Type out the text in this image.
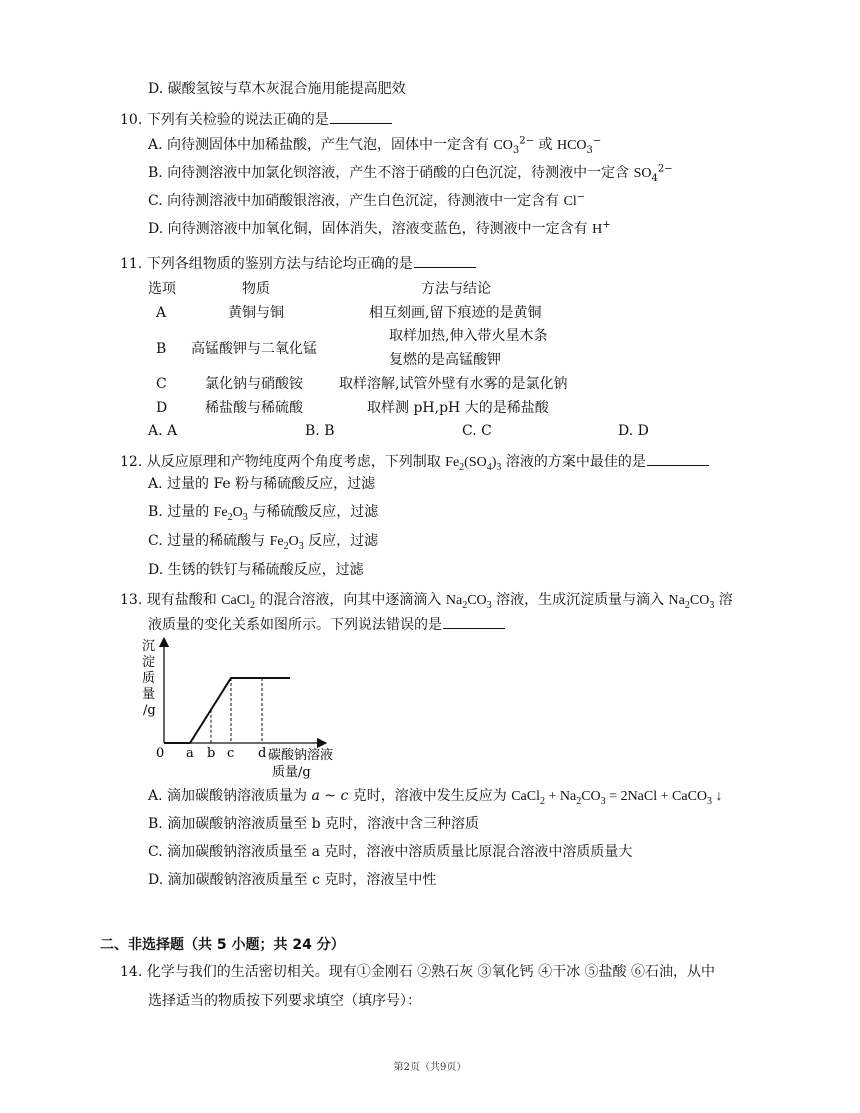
D. 碳酸氢铵与草木灰混合施用能提高肥效
10. 下列有关检验的说法正确的是
A. 向待测固体中加稀盐酸，产生气泡，固体中一定含有 $CO_3^{2-}$ 或 $HCO_3^-$
B. 向待测溶液中加氯化钡溶液，产生不溶于硝酸的白色沉淀，待测液中一定含 $SO_4^{2-}$
C. 向待测溶液中加硝酸银溶液，产生白色沉淀，待测液中一定含有 Cl−
D. 向待测溶液中加氧化铜，固体消失，溶液变蓝色，待测液中一定含有 H+
11. 下列各组物质的鉴别方法与结论均正确的是
选项	物质	方法与结论
A	黄铜与铜	相互刻画,留下痕迹的是黄铜
B 高锰酸钾与二氧化锰
取样加热,伸入带火星木条
复燃的是高锰酸钾
C	氯化钠与硝酸铵	取样溶解,试管外壁有水雾的是氯化钠
D	稀盐酸与稀硫酸	取样测 pH,pH 大的是稀盐酸
A. A	B. B	C. C	D. D
12. 从反应原理和产物纯度两个角度考虑，下列制取 $Fe_2(SO_4)_3$ 溶液的方案中最佳的是
A. 过量的 Fe 粉与稀硫酸反应，过滤
B. 过量的 $Fe_2O_3$ 与稀硫酸反应，过滤
C. 过量的稀硫酸与 $Fe_2O_3$ 反应，过滤
D. 生锈的铁钉与稀硫酸反应，过滤
13. 现有盐酸和 CaCl$_2$ 的混合溶液，向其中逐滴滴入 $Na_2CO_3$ 溶液，生成沉淀质量与滴入 $Na_2CO_3$ 溶
液质量的变化关系如图所示。下列说法错误的是
沉
淀
质
量
/g
a b c d
0	碳酸钠溶液
质量/g
A. 滴加碳酸钠溶液质量为 a ~ c 克时，溶液中发生反应为 CaCl$_2$ + $Na_2CO_3$ = 2NaCl + CaCO$_3$ ↓
B. 滴加碳酸钠溶液质量至 b 克时，溶液中含三种溶质
C. 滴加碳酸钠溶液质量至 a 克时，溶液中溶质质量比原混合溶液中溶质质量大
D. 滴加碳酸钠溶液质量至 c 克时，溶液呈中性
二、非选择题（共 5 小题；共 24 分）
14. 化学与我们的生活密切相关。现有①金刚石 ②熟石灰 ③氧化钙 ④干冰 ⑤盐酸 ⑥石油，从中
选择适当的物质按下列要求填空（填序号）：
第2页（共9页）
